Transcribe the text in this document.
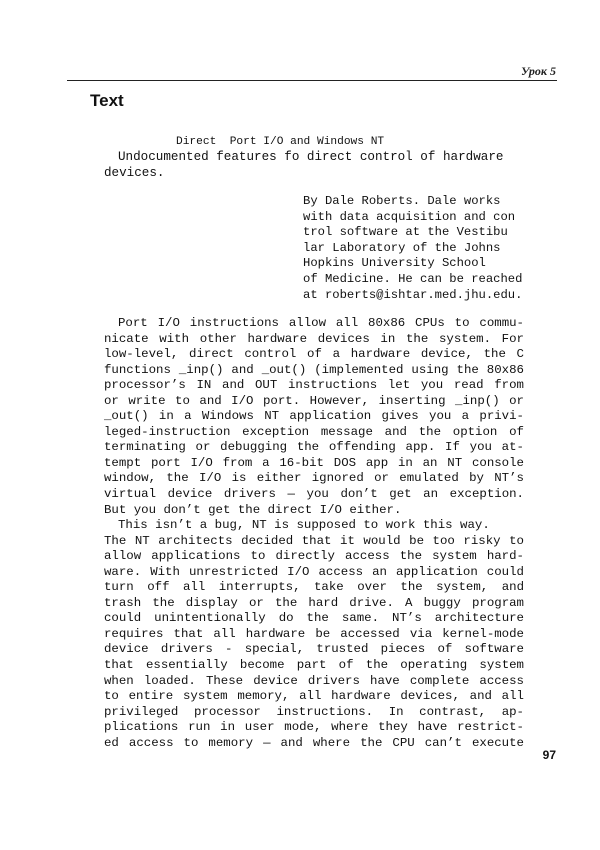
Урок 5
Text
Direct  Port I/O and Windows NT
Undocumented features fo direct control of hardware
devices.
By Dale Roberts. Dale works
with data acquisition and con
trol software at the Vestibu
lar Laboratory of the Johns
Hopkins University School
of Medicine. He can be reached
at roberts@ishtar.med.jhu.edu.
Port I/O instructions allow all 80x86 CPUs to commu-
nicate with other hardware devices in the system. For
low-level, direct control of a hardware device, the C
functions _inp() and _out() (implemented using the 80x86
processor’s IN and OUT instructions let you read from
or write to and I/O port. However, inserting _inp() or
_out() in a Windows NT application gives you a privi-
leged-instruction exception message and the option of
terminating or debugging the offending app. If you at-
tempt port I/O from a 16-bit DOS app in an NT console
window, the I/O is either ignored or emulated by NT’s
virtual device drivers — you don’t get an exception.
But you don’t get the direct I/O either.
This isn’t a bug, NT is supposed to work this way.
The NT architects decided that it would be too risky to
allow applications to directly access the system hard-
ware. With unrestricted I/O access an application could
turn off all interrupts, take over the system, and
trash the display or the hard drive. A buggy program
could unintentionally do the same. NT’s architecture
requires that all hardware be accessed via kernel-mode
device drivers - special, trusted pieces of software
that essentially become part of the operating system
when loaded. These device drivers have complete access
to entire system memory, all hardware devices, and all
privileged processor instructions. In contrast, ap-
plications run in user mode, where they have restrict-
ed access to memory — and where the CPU can’t execute
97
